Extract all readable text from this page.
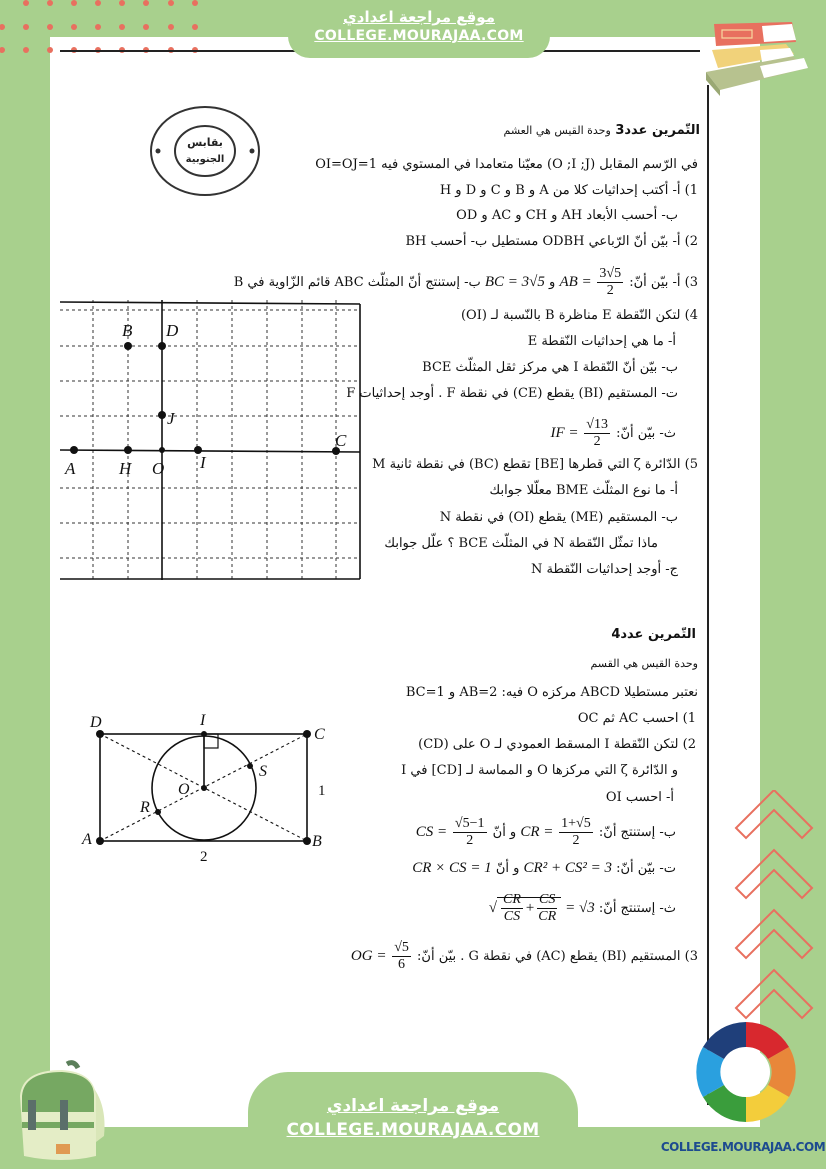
موقع مراجعة اعدادي
COLLEGE.MOURAJAA.COM
بقابس
الجنوبية
التّمرين عدد3 وحدة القيس هي العشم
في الرّسم المقابل (O ;I ;J) معيّنا متعامدا في المستوي فيه OI=OJ=1
1) أ- أكتب إحداثيات كلا من A و B و C و D و H
ب- أحسب الأبعاد AH و CH و AC و OD
2) أ- بيّن أنّ الرّباعي ODBH مستطيل ب- أحسب BH
3) أ- بيّن أنّ: AB = $\frac{3√5}{2}$
و BC = 3√5 ب- إستنتج أنّ المثلّث ABC قائم الزّاوية في B
4) لتكن النّقطة E مناظرة B بالنّسبة لـ (OI)
أ- ما هي إحداثيات النّقطة E
ب- بيّن أنّ النّقطة I هي مركز ثقل المثلّث BCE
ت- المستقيم (BI) يقطع (CE) في نقطة F . أوجد إحداثيات F
ث- بيّن أنّ: IF = $\frac{√13}{2}$
5) الدّائرة ζ التي قطرها [BE] تقطع (BC) في نقطة ثانية M
أ- ما نوع المثلّث BME معلّلا جوابك
ب- المستقيم (ME) يقطع (OI) في نقطة N
ماذا تمثّل النّقطة N في المثلّث BCE ؟ علّل جوابك
ج- أوجد إحداثيات النّقطة N
A	H O I
C
J
B D
التّمرين عدد4
وحدة القيس هي القسم
نعتبر مستطيلا ABCD مركزه O فيه: AB=2 و BC=1
1) احسب AC ثم OC
2) لتكن النّقطة I المسقط العمودي لـ O على (CD)
و الدّائرة ζ التي مركزها O و المماسة لـ [CD] في I
أ- احسب OI
ب- إستنتج أنّ: CR = $\frac{1+√5}{2}$
و أنّ CS = $\frac{√5-1}{2}$
ت- بيّن أنّ: CR² + CS² = 3 و أنّ CR × CS = 1
ث- إستنتج أنّ: √ $\frac{CR}{CS} + \frac{CS}{CR} = √3$
3) المستقيم (BI) يقطع (AC) في نقطة G . بيّن أنّ: OG = $\frac{√5}{6}$
D	I
C
S
O
R
A	B
2
1
COLLEGE.MOURAJAA.COM
موقع مراجعة اعدادي
COLLEGE.MOURAJAA.COM
